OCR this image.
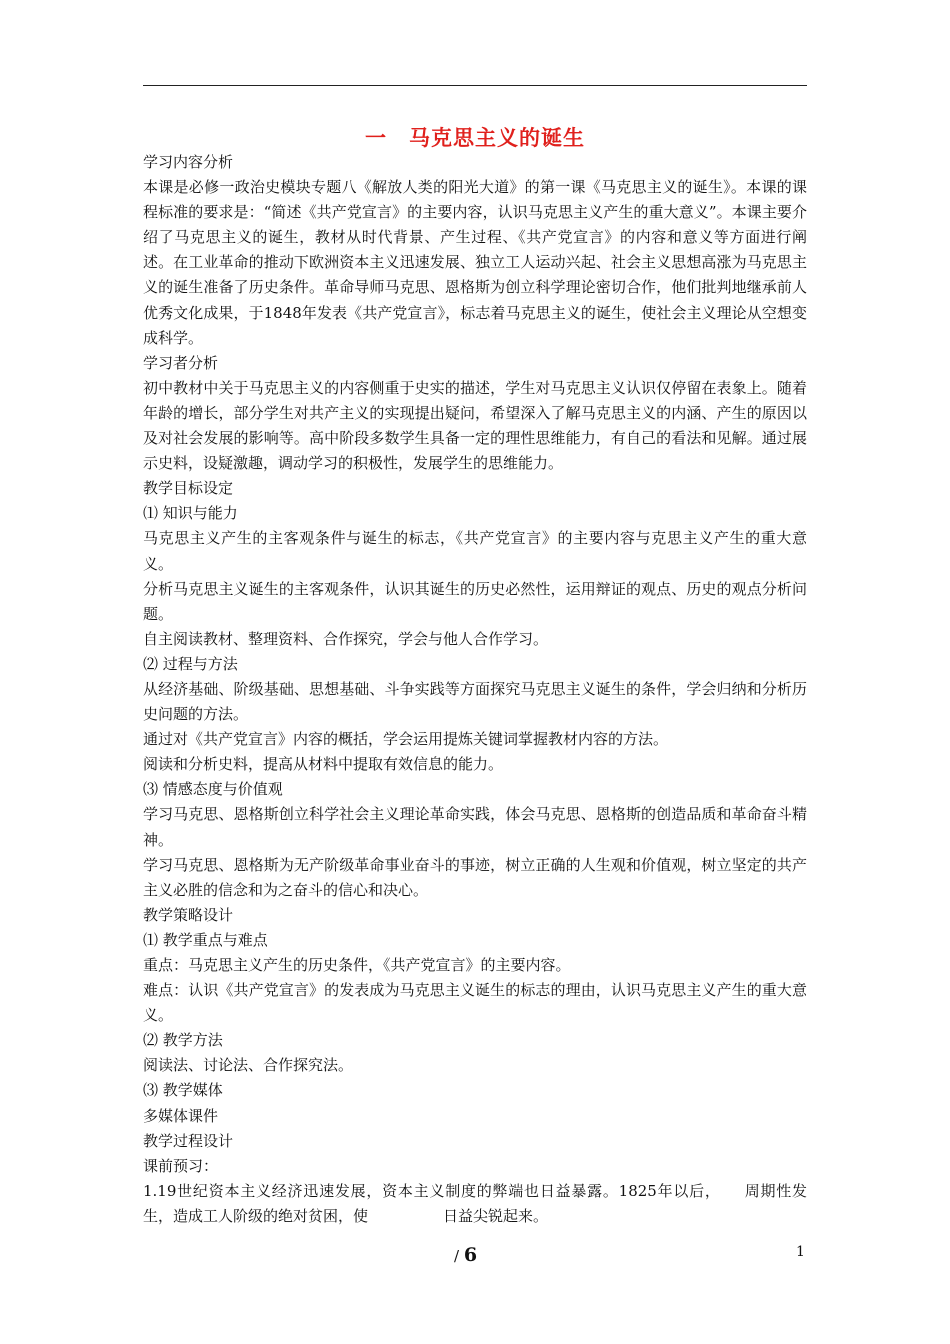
一　马克思主义的诞生

学习内容分析

本课是必修一政治史模块专题八《解放人类的阳光大道》的第一课《马克思主义的诞生》。本课的课程标准的要求是：“简述《共产党宣言》的主要内容，认识马克思主义产生的重大意义”。本课主要介绍了马克思主义的诞生，教材从时代背景、产生过程、《共产党宣言》的内容和意义等方面进行阐述。在工业革命的推动下欧洲资本主义迅速发展、独立工人运动兴起、社会主义思想高涨为马克思主义的诞生准备了历史条件。革命导师马克思、恩格斯为创立科学理论密切合作，他们批判地继承前人优秀文化成果，于1848年发表《共产党宣言》，标志着马克思主义的诞生，使社会主义理论从空想变成科学。

学习者分析

初中教材中关于马克思主义的内容侧重于史实的描述，学生对马克思主义认识仅停留在表象上。随着年龄的增长，部分学生对共产主义的实现提出疑问，希望深入了解马克思主义的内涵、产生的原因以及对社会发展的影响等。高中阶段多数学生具备一定的理性思维能力，有自己的看法和见解。通过展示史料，设疑激趣，调动学习的积极性，发展学生的思维能力。

教学目标设定

⑴ 知识与能力

马克思主义产生的主客观条件与诞生的标志，《共产党宣言》的主要内容与克思主义产生的重大意义。

分析马克思主义诞生的主客观条件，认识其诞生的历史必然性，运用辩证的观点、历史的观点分析问题。

自主阅读教材、整理资料、合作探究，学会与他人合作学习。

⑵ 过程与方法

从经济基础、阶级基础、思想基础、斗争实践等方面探究马克思主义诞生的条件，学会归纳和分析历史问题的方法。

通过对《共产党宣言》内容的概括，学会运用提炼关键词掌握教材内容的方法。

阅读和分析史料，提高从材料中提取有效信息的能力。

⑶ 情感态度与价值观

学习马克思、恩格斯创立科学社会主义理论革命实践，体会马克思、恩格斯的创造品质和革命奋斗精神。

学习马克思、恩格斯为无产阶级革命事业奋斗的事迹，树立正确的人生观和价值观，树立坚定的共产主义必胜的信念和为之奋斗的信心和决心。

教学策略设计

⑴ 教学重点与难点

重点：马克思主义产生的历史条件，《共产党宣言》的主要内容。

难点：认识《共产党宣言》的发表成为马克思主义诞生的标志的理由，认识马克思主义产生的重大意义。

⑵ 教学方法

阅读法、讨论法、合作探究法。

⑶ 教学媒体

多媒体课件

教学过程设计

课前预习：

1.19世纪资本主义经济迅速发展，资本主义制度的弊端也日益暴露。1825年以后，　　周期性发生，造成工人阶级的绝对贫困，使　　　　　日益尖锐起来。

/ 6	1
